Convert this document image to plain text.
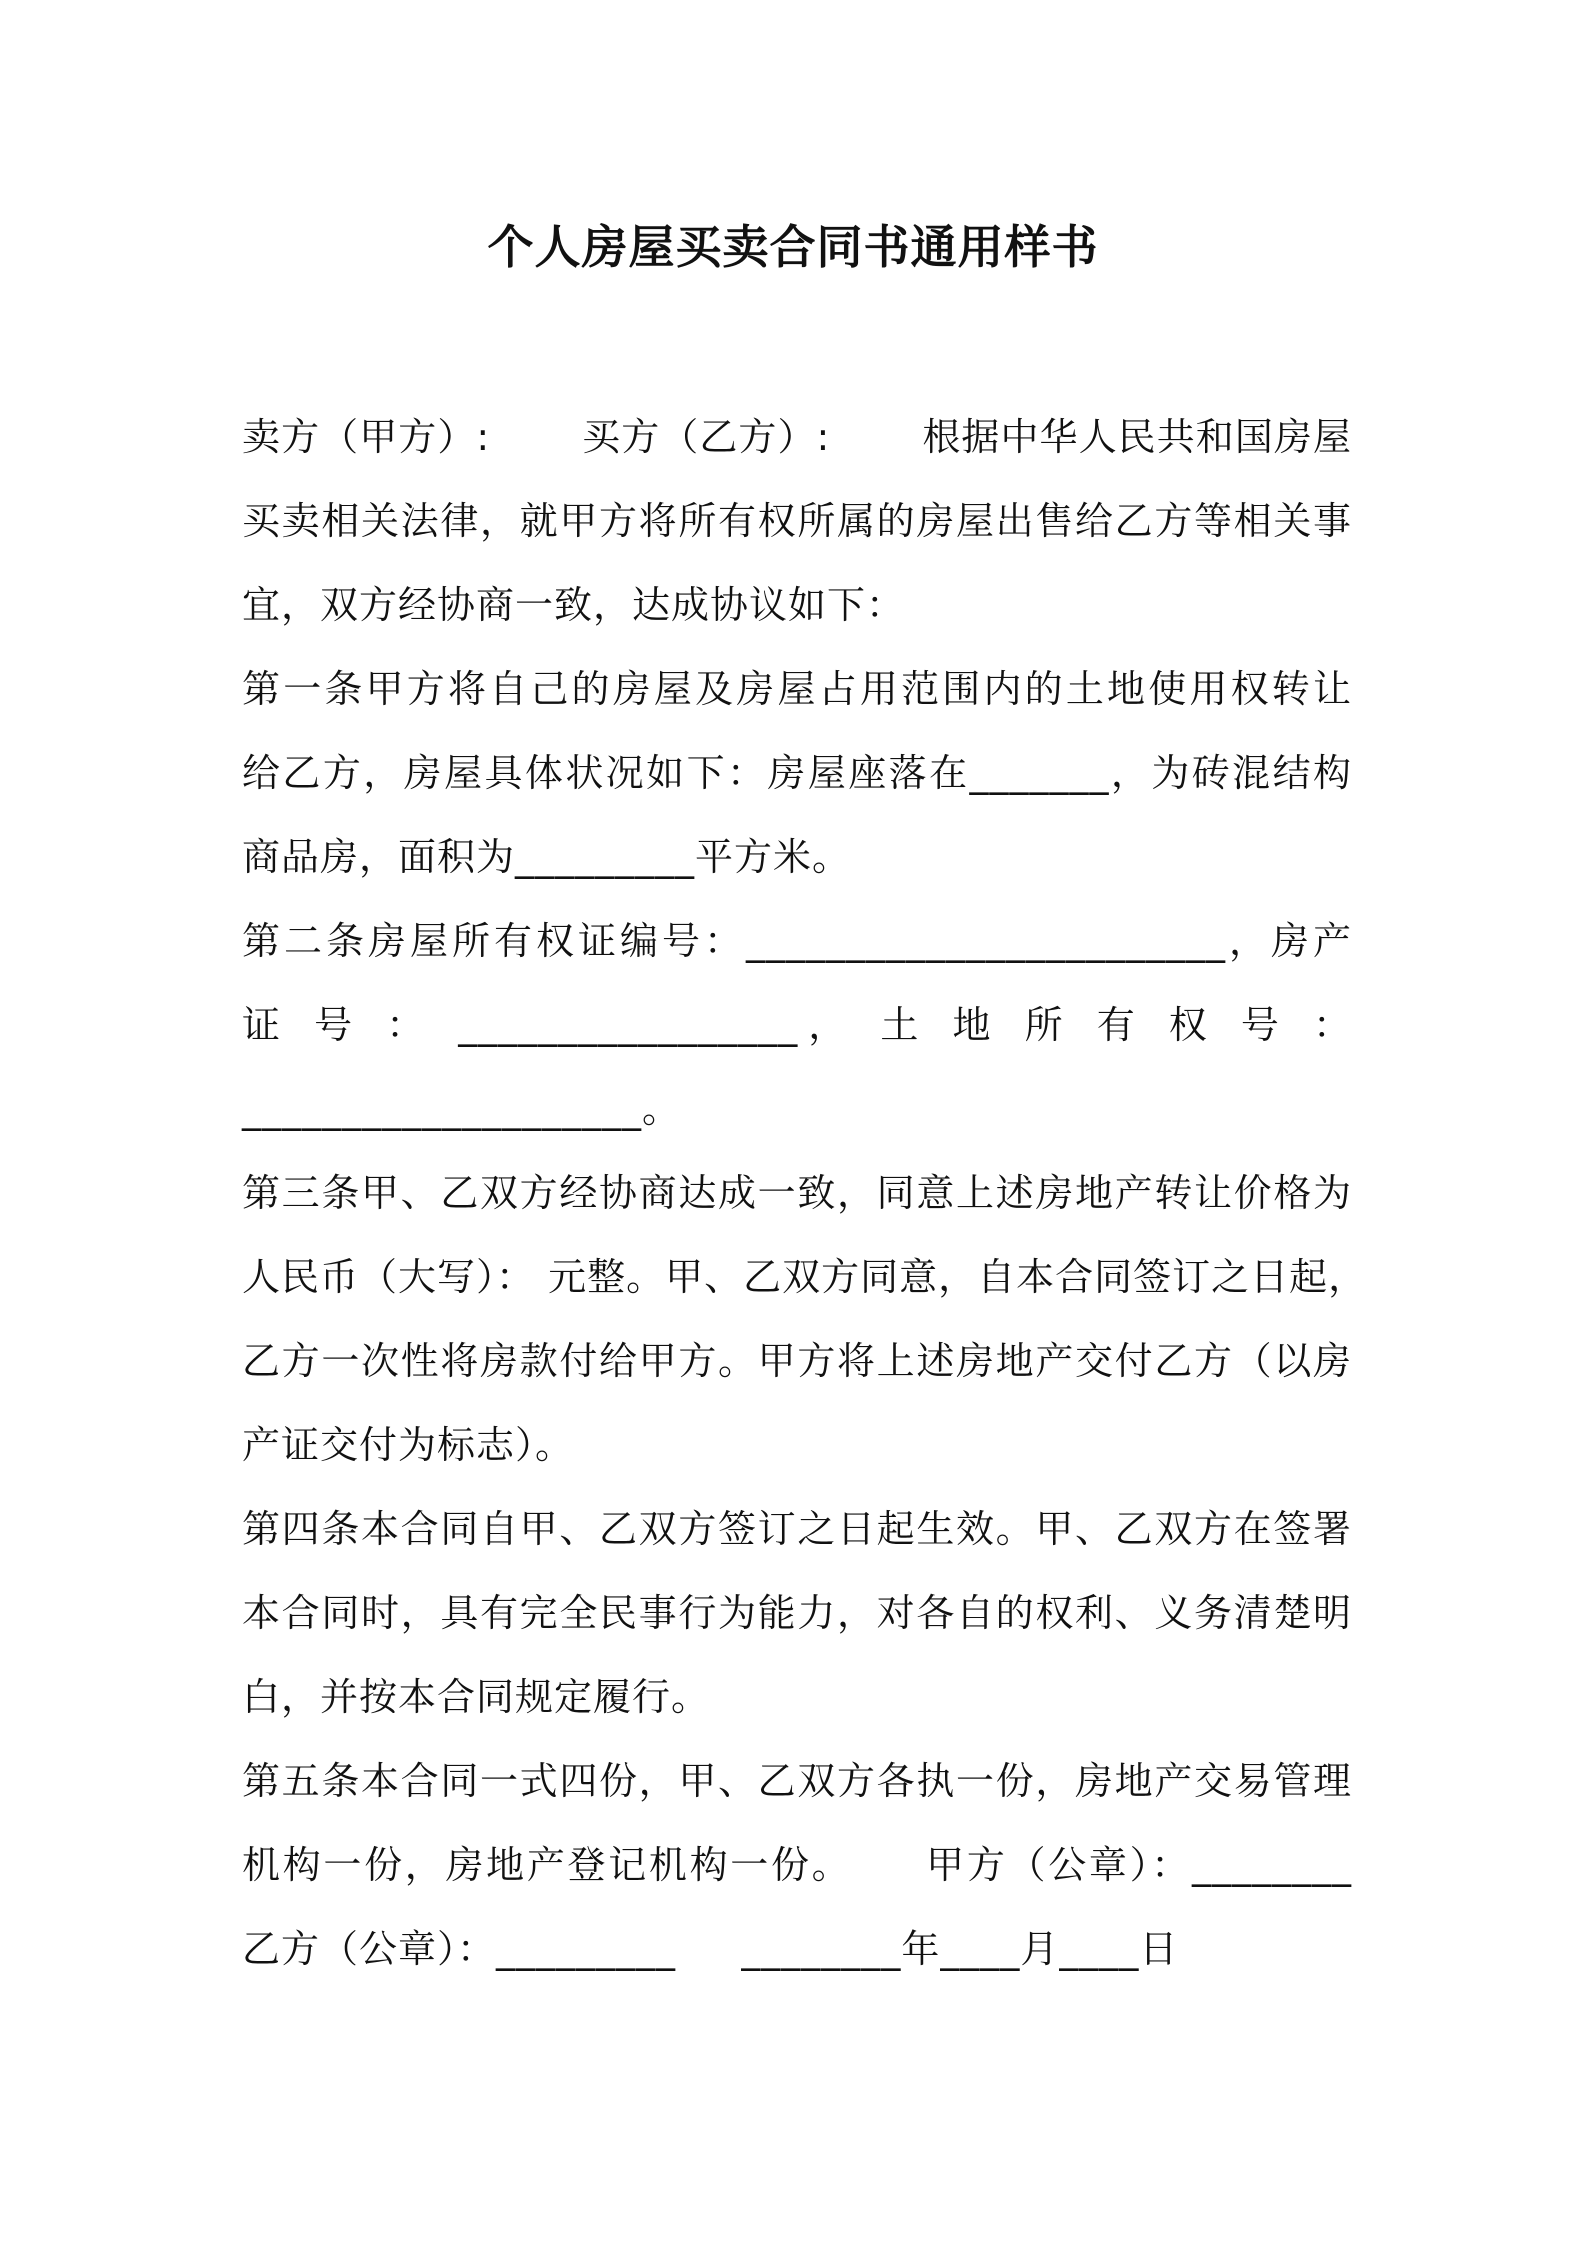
个人房屋买卖合同书通用样书
卖方（甲方）:       买方（乙方）:       根据中华人民共和国房屋
买卖相关法律，就甲方将所有权所属的房屋出售给乙方等相关事
宜，双方经协商一致，达成协议如下：
第一条甲方将自己的房屋及房屋占用范围内的土地使用权转让
给乙方，房屋具体状况如下：房屋座落在_______，为砖混结构
商品房，面积为_________平方米。
第二条房屋所有权证编号：________________________，房产
证 号 ： _________________， 土 地 所 有 权 号 ：
____________________。
第三条甲、乙双方经协商达成一致，同意上述房地产转让价格为
人民币（大写）： 元整。甲、乙双方同意，自本合同签订之日起，
乙方一次性将房款付给甲方。甲方将上述房地产交付乙方（以房
产证交付为标志）。
第四条本合同自甲、乙双方签订之日起生效。甲、乙双方在签署
本合同时，具有完全民事行为能力，对各自的权利、义务清楚明
白，并按本合同规定履行。
第五条本合同一式四份，甲、乙双方各执一份，房地产交易管理
机构一份，房地产登记机构一份。     甲方（公章）：________
乙方（公章）：_________     ________年____月____日
